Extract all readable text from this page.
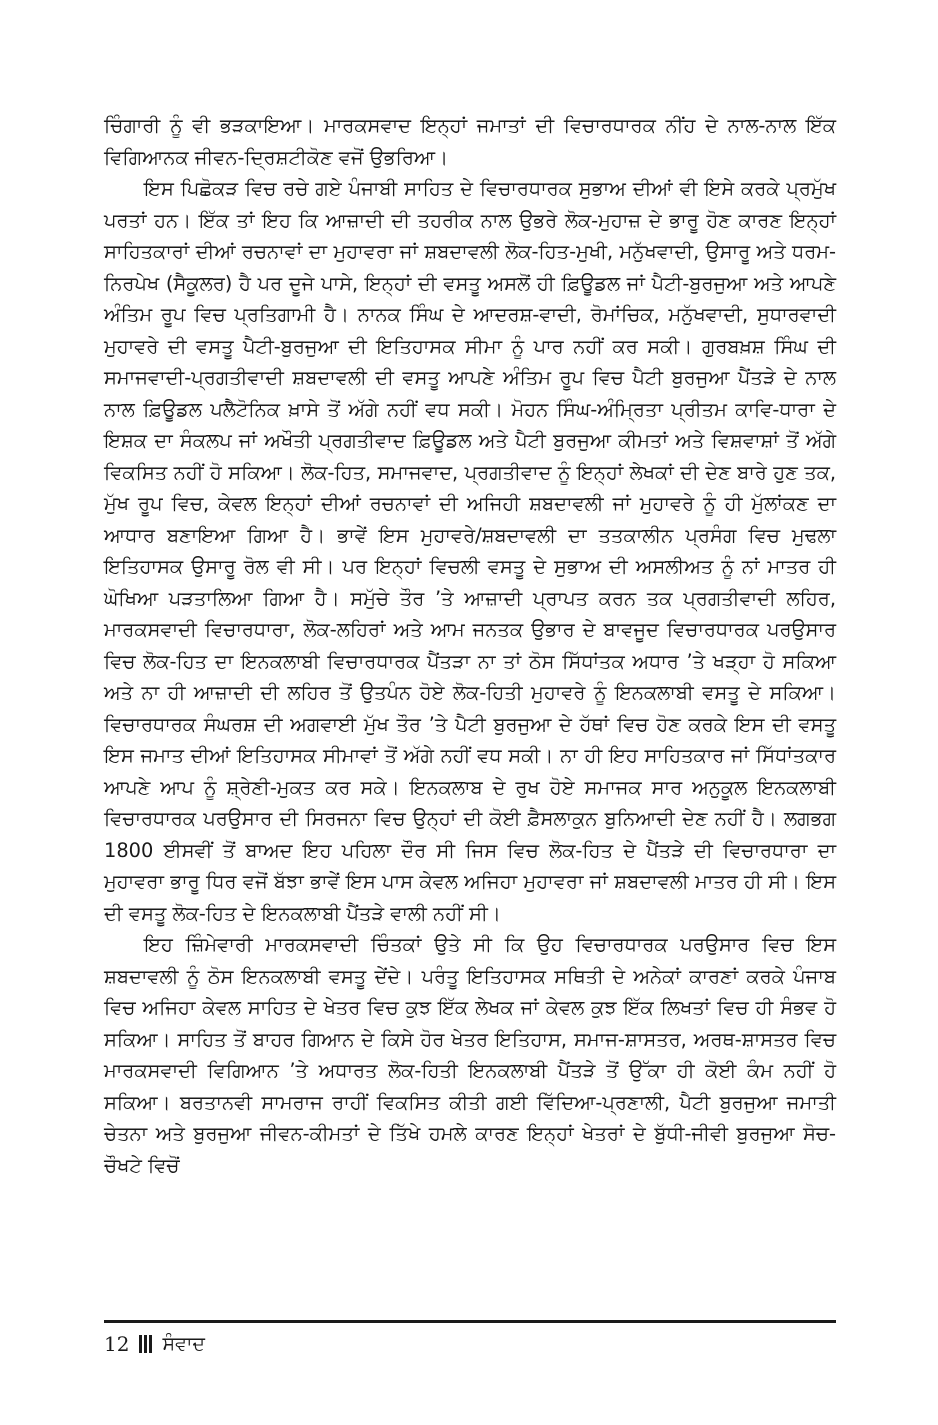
ਚਿੰਗਾਰੀ ਨੂੰ ਵੀ ਭੜਕਾਇਆ। ਮਾਰਕਸਵਾਦ ਇਨ੍ਹਾਂ ਜਮਾਤਾਂ ਦੀ ਵਿਚਾਰਧਾਰਕ ਨੀਂਹ ਦੇ ਨਾਲ-ਨਾਲ ਇੱਕ ਵਿਗਿਆਨਕ ਜੀਵਨ-ਦ੍ਰਿਸ਼ਟੀਕੋਣ ਵਜੋਂ ਉਭਰਿਆ।

ਇਸ ਪਿਛੋਕੜ ਵਿਚ ਰਚੇ ਗਏ ਪੰਜਾਬੀ ਸਾਹਿਤ ਦੇ ਵਿਚਾਰਧਾਰਕ ਸੁਭਾਅ ਦੀਆਂ ਵੀ ਇਸੇ ਕਰਕੇ ਪ੍ਰਮੁੱਖ ਪਰਤਾਂ ਹਨ। ਇੱਕ ਤਾਂ ਇਹ ਕਿ ਆਜ਼ਾਦੀ ਦੀ ਤਹਰੀਕ ਨਾਲ ਉਭਰੇ ਲੋਕ-ਮੁਹਾਜ਼ ਦੇ ਭਾਰੂ ਹੋਣ ਕਾਰਣ ਇਨ੍ਹਾਂ ਸਾਹਿਤਕਾਰਾਂ ਦੀਆਂ ਰਚਨਾਵਾਂ ਦਾ ਮੁਹਾਵਰਾ ਜਾਂ ਸ਼ਬਦਾਵਲੀ ਲੋਕ-ਹਿਤ-ਮੁਖੀ, ਮਨੁੱਖਵਾਦੀ, ਉਸਾਰੂ ਅਤੇ ਧਰਮ-ਨਿਰਪੇਖ (ਸੈਕੂਲਰ) ਹੈ ਪਰ ਦੂਜੇ ਪਾਸੇ, ਇਨ੍ਹਾਂ ਦੀ ਵਸਤੂ ਅਸਲੋਂ ਹੀ ਫ਼ਿਊਡਲ ਜਾਂ ਪੈਟੀ-ਬੁਰਜੁਆ ਅਤੇ ਆਪਣੇ ਅੰਤਿਮ ਰੂਪ ਵਿਚ ਪ੍ਰਤਿਗਾਮੀ ਹੈ। ਨਾਨਕ ਸਿੰਘ ਦੇ ਆਦਰਸ਼-ਵਾਦੀ, ਰੋਮਾਂਚਿਕ, ਮਨੁੱਖਵਾਦੀ, ਸੁਧਾਰਵਾਦੀ ਮੁਹਾਵਰੇ ਦੀ ਵਸਤੂ ਪੈਟੀ-ਬੁਰਜੁਆ ਦੀ ਇਤਿਹਾਸਕ ਸੀਮਾ ਨੂੰ ਪਾਰ ਨਹੀਂ ਕਰ ਸਕੀ। ਗੁਰਬਖ਼ਸ਼ ਸਿੰਘ ਦੀ ਸਮਾਜਵਾਦੀ-ਪ੍ਰਗਤੀਵਾਦੀ ਸ਼ਬਦਾਵਲੀ ਦੀ ਵਸਤੂ ਆਪਣੇ ਅੰਤਿਮ ਰੂਪ ਵਿਚ ਪੈਟੀ ਬੁਰਜੁਆ ਪੈਂਤੜੇ ਦੇ ਨਾਲ ਨਾਲ ਫ਼ਿਊਡਲ ਪਲੈਟੋਨਿਕ ਖ਼ਾਸੇ ਤੋਂ ਅੱਗੇ ਨਹੀਂ ਵਧ ਸਕੀ। ਮੋਹਨ ਸਿੰਘ-ਅੰਮ੍ਰਿਤਾ ਪ੍ਰੀਤਮ ਕਾਵਿ-ਧਾਰਾ ਦੇ ਇਸ਼ਕ ਦਾ ਸੰਕਲਪ ਜਾਂ ਅਖੌਤੀ ਪ੍ਰਗਤੀਵਾਦ ਫ਼ਿਊਡਲ ਅਤੇ ਪੈਟੀ ਬੁਰਜੁਆ ਕੀਮਤਾਂ ਅਤੇ ਵਿਸ਼ਵਾਸ਼ਾਂ ਤੋਂ ਅੱਗੇ ਵਿਕਸਿਤ ਨਹੀਂ ਹੋ ਸਕਿਆ। ਲੋਕ-ਹਿਤ, ਸਮਾਜਵਾਦ, ਪ੍ਰਗਤੀਵਾਦ ਨੂੰ ਇਨ੍ਹਾਂ ਲੇਖਕਾਂ ਦੀ ਦੇਣ ਬਾਰੇ ਹੁਣ ਤਕ, ਮੁੱਖ ਰੂਪ ਵਿਚ, ਕੇਵਲ ਇਨ੍ਹਾਂ ਦੀਆਂ ਰਚਨਾਵਾਂ ਦੀ ਅਜਿਹੀ ਸ਼ਬਦਾਵਲੀ ਜਾਂ ਮੁਹਾਵਰੇ ਨੂੰ ਹੀ ਮੁੱਲਾਂਕਣ ਦਾ ਆਧਾਰ ਬਣਾਇਆ ਗਿਆ ਹੈ। ਭਾਵੇਂ ਇਸ ਮੁਹਾਵਰੇ/ਸ਼ਬਦਾਵਲੀ ਦਾ ਤਤਕਾਲੀਨ ਪ੍ਰਸੰਗ ਵਿਚ ਮੁਢਲਾ ਇਤਿਹਾਸਕ ਉਸਾਰੂ ਰੋਲ ਵੀ ਸੀ। ਪਰ ਇਨ੍ਹਾਂ ਵਿਚਲੀ ਵਸਤੂ ਦੇ ਸੁਭਾਅ ਦੀ ਅਸਲੀਅਤ ਨੂੰ ਨਾਂ ਮਾਤਰ ਹੀ ਘੋਖਿਆ ਪੜਤਾਲਿਆ ਗਿਆ ਹੈ। ਸਮੁੱਚੇ ਤੌਰ ’ਤੇ ਆਜ਼ਾਦੀ ਪ੍ਰਾਪਤ ਕਰਨ ਤਕ ਪ੍ਰਗਤੀਵਾਦੀ ਲਹਿਰ, ਮਾਰਕਸਵਾਦੀ ਵਿਚਾਰਧਾਰਾ, ਲੋਕ-ਲਹਿਰਾਂ ਅਤੇ ਆਮ ਜਨਤਕ ਉਭਾਰ ਦੇ ਬਾਵਜੂਦ ਵਿਚਾਰਧਾਰਕ ਪਰਉਸਾਰ ਵਿਚ ਲੋਕ-ਹਿਤ ਦਾ ਇਨਕਲਾਬੀ ਵਿਚਾਰਧਾਰਕ ਪੈਂਤੜਾ ਨਾ ਤਾਂ ਠੋਸ ਸਿੱਧਾਂਤਕ ਅਧਾਰ ’ਤੇ ਖੜ੍ਹਾ ਹੋ ਸਕਿਆ ਅਤੇ ਨਾ ਹੀ ਆਜ਼ਾਦੀ ਦੀ ਲਹਿਰ ਤੋਂ ਉਤਪੰਨ ਹੋਏ ਲੋਕ-ਹਿਤੀ ਮੁਹਾਵਰੇ ਨੂੰ ਇਨਕਲਾਬੀ ਵਸਤੂ ਦੇ ਸਕਿਆ। ਵਿਚਾਰਧਾਰਕ ਸੰਘਰਸ਼ ਦੀ ਅਗਵਾਈ ਮੁੱਖ ਤੌਰ ’ਤੇ ਪੈਟੀ ਬੁਰਜੁਆ ਦੇ ਹੱਥਾਂ ਵਿਚ ਹੋਣ ਕਰਕੇ ਇਸ ਦੀ ਵਸਤੂ ਇਸ ਜਮਾਤ ਦੀਆਂ ਇਤਿਹਾਸਕ ਸੀਮਾਵਾਂ ਤੋਂ ਅੱਗੇ ਨਹੀਂ ਵਧ ਸਕੀ। ਨਾ ਹੀ ਇਹ ਸਾਹਿਤਕਾਰ ਜਾਂ ਸਿੱਧਾਂਤਕਾਰ ਆਪਣੇ ਆਪ ਨੂੰ ਸ਼੍ਰੇਣੀ-ਮੁਕਤ ਕਰ ਸਕੇ। ਇਨਕਲਾਬ ਦੇ ਰੁਖ ਹੋਏ ਸਮਾਜਕ ਸਾਰ ਅਨੁਕੂਲ ਇਨਕਲਾਬੀ ਵਿਚਾਰਧਾਰਕ ਪਰਉਸਾਰ ਦੀ ਸਿਰਜਨਾ ਵਿਚ ਉਨ੍ਹਾਂ ਦੀ ਕੋਈ ਫ਼ੈਸਲਾਕੁਨ ਬੁਨਿਆਦੀ ਦੇਣ ਨਹੀਂ ਹੈ। ਲਗਭਗ 1800 ਈਸਵੀਂ ਤੋਂ ਬਾਅਦ ਇਹ ਪਹਿਲਾ ਦੌਰ ਸੀ ਜਿਸ ਵਿਚ ਲੋਕ-ਹਿਤ ਦੇ ਪੈਂਤੜੇ ਦੀ ਵਿਚਾਰਧਾਰਾ ਦਾ ਮੁਹਾਵਰਾ ਭਾਰੂ ਧਿਰ ਵਜੋਂ ਬੱਝਾ ਭਾਵੇਂ ਇਸ ਪਾਸ ਕੇਵਲ ਅਜਿਹਾ ਮੁਹਾਵਰਾ ਜਾਂ ਸ਼ਬਦਾਵਲੀ ਮਾਤਰ ਹੀ ਸੀ। ਇਸ ਦੀ ਵਸਤੂ ਲੋਕ-ਹਿਤ ਦੇ ਇਨਕਲਾਬੀ ਪੈਂਤੜੇ ਵਾਲੀ ਨਹੀਂ ਸੀ।

ਇਹ ਜ਼ਿੰਮੇਵਾਰੀ ਮਾਰਕਸਵਾਦੀ ਚਿੰਤਕਾਂ ਉਤੇ ਸੀ ਕਿ ਉਹ ਵਿਚਾਰਧਾਰਕ ਪਰਉਸਾਰ ਵਿਚ ਇਸ ਸ਼ਬਦਾਵਲੀ ਨੂੰ ਠੋਸ ਇਨਕਲਾਬੀ ਵਸਤੂ ਦੇਂਦੇ। ਪਰੰਤੂ ਇਤਿਹਾਸਕ ਸਥਿਤੀ ਦੇ ਅਨੇਕਾਂ ਕਾਰਣਾਂ ਕਰਕੇ ਪੰਜਾਬ ਵਿਚ ਅਜਿਹਾ ਕੇਵਲ ਸਾਹਿਤ ਦੇ ਖੇਤਰ ਵਿਚ ਕੁਝ ਇੱਕ ਲੇਖਕ ਜਾਂ ਕੇਵਲ ਕੁਝ ਇੱਕ ਲਿਖਤਾਂ ਵਿਚ ਹੀ ਸੰਭਵ ਹੋ ਸਕਿਆ। ਸਾਹਿਤ ਤੋਂ ਬਾਹਰ ਗਿਆਨ ਦੇ ਕਿਸੇ ਹੋਰ ਖੇਤਰ ਇਤਿਹਾਸ, ਸਮਾਜ-ਸ਼ਾਸਤਰ, ਅਰਥ-ਸ਼ਾਸਤਰ ਵਿਚ ਮਾਰਕਸਵਾਦੀ ਵਿਗਿਆਨ ’ਤੇ ਅਧਾਰਤ ਲੋਕ-ਹਿਤੀ ਇਨਕਲਾਬੀ ਪੈਂਤੜੇ ਤੋਂ ਉੱਕਾ ਹੀ ਕੋਈ ਕੰਮ ਨਹੀਂ ਹੋ ਸਕਿਆ। ਬਰਤਾਨਵੀ ਸਾਮਰਾਜ ਰਾਹੀਂ ਵਿਕਸਿਤ ਕੀਤੀ ਗਈ ਵਿੱਦਿਆ-ਪ੍ਰਣਾਲੀ, ਪੈਟੀ ਬੁਰਜੁਆ ਜਮਾਤੀ ਚੇਤਨਾ ਅਤੇ ਬੁਰਜੁਆ ਜੀਵਨ-ਕੀਮਤਾਂ ਦੇ ਤਿੱਖੇ ਹਮਲੇ ਕਾਰਣ ਇਨ੍ਹਾਂ ਖੇਤਰਾਂ ਦੇ ਬੁੱਧੀ-ਜੀਵੀ ਬੁਰਜੁਆ ਸੋਚ-ਚੌਖਟੇ ਵਿਚੋਂ

12 ਸੰਵਾਦ
